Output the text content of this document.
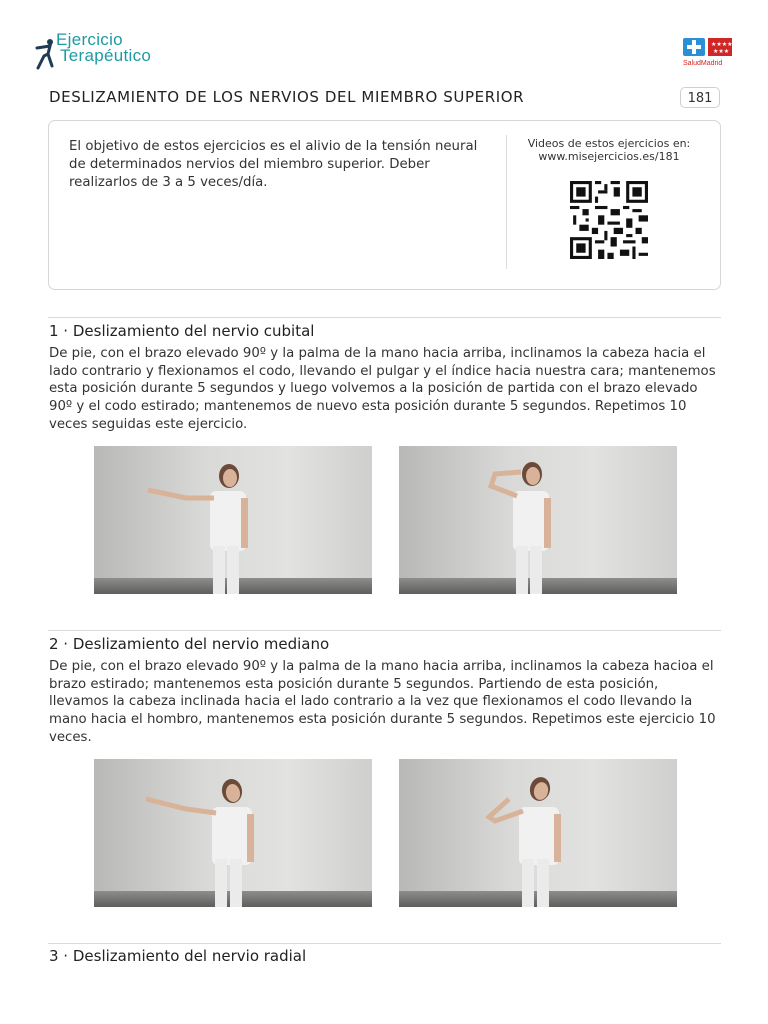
Ejercicio
Terapéutico
★★★★
★★★
SaludMadrid
DESLIZAMIENTO DE LOS NERVIOS DEL MIEMBRO SUPERIOR	181
El objetivo de estos ejercicios es el alivio de la tensión neural de determinados nervios del miembro superior. Deber realizarlos de 3 a 5 veces/día.
Videos de estos ejercicios en:
www.misejercicios.es/181
1 · Deslizamiento del nervio cubital
De pie, con el brazo elevado 90º y la palma de la mano hacia arriba, inclinamos la cabeza hacia el lado contrario y flexionamos el codo, llevando el pulgar y el índice hacia nuestra cara; mantenemos esta posición durante 5 segundos y luego volvemos a la posición de partida con el brazo elevado 90º y el codo estirado; mantenemos de nuevo esta posición durante 5 segundos. Repetimos 10 veces seguidas este ejercicio.
2 · Deslizamiento del nervio mediano
De pie, con el brazo elevado 90º y la palma de la mano hacia arriba, inclinamos la cabeza hacioa el brazo estirado; mantenemos esta posición durante 5 segundos. Partiendo de esta posición, llevamos la cabeza inclinada hacia el lado contrario a la vez que flexionamos el codo llevando la mano hacia el hombro, mantenemos esta posición durante 5 segundos. Repetimos este ejercicio 10 veces.
3 · Deslizamiento del nervio radial
